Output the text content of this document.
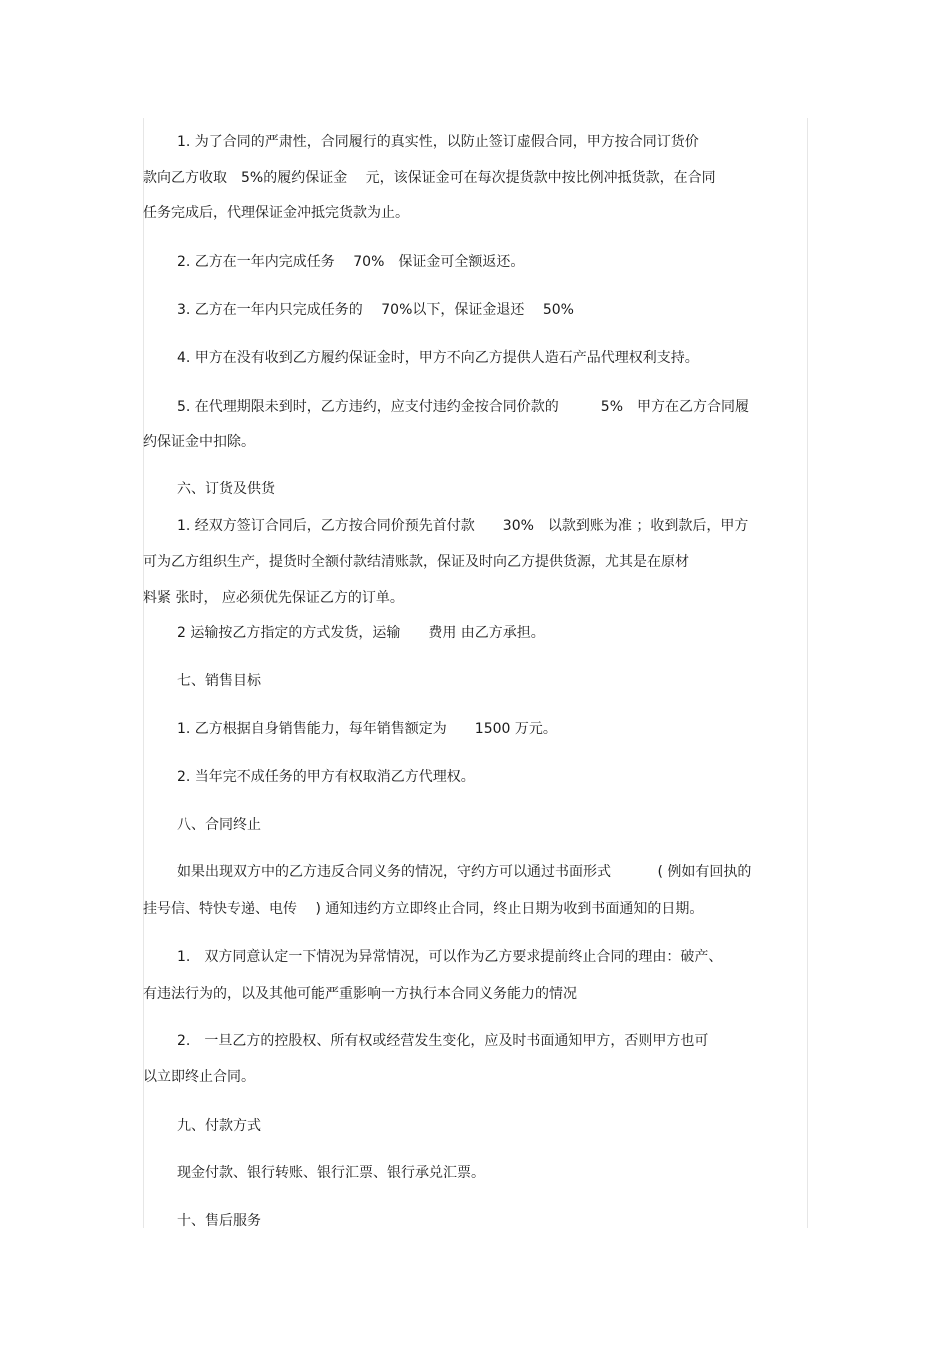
1. 为了合同的严肃性，合同履行的真实性，以防止签订虚假合同，甲方按合同订货价
款向乙方收取　5%的履约保证金　 元，该保证金可在每次提货款中按比例冲抵货款，在合同
任务完成后，代理保证金冲抵完货款为止。
2. 乙方在一年内完成任务　 70%　保证金可全额返还。
3. 乙方在一年内只完成任务的　 70%以下，保证金退还　 50%
4. 甲方在没有收到乙方履约保证金时，甲方不向乙方提供人造石产品代理权利支持。
5. 在代理期限未到时，乙方违约，应支付违约金按合同价款的　　　5%　甲方在乙方合同履
约保证金中扣除。
六、订货及供货
1. 经双方签订合同后，乙方按合同价预先首付款　　30%　以款到账为准 ；收到款后，甲方
可为乙方组织生产，提货时全额付款结清账款，保证及时向乙方提供货源，尤其是在原材
料紧 张时， 应必须优先保证乙方的订单。
2 运输按乙方指定的方式发货，运输　　费用 由乙方承担。
七、销售目标
1. 乙方根据自身销售能力，每年销售额定为　　1500 万元。
2. 当年完不成任务的甲方有权取消乙方代理权。
八、合同终止
如果出现双方中的乙方违反合同义务的情况，守约方可以通过书面形式　　　 ( 例如有回执的
挂号信、特快专递、电传　 ) 通知违约方立即终止合同，终止日期为收到书面通知的日期。
1.　双方同意认定一下情况为异常情况，可以作为乙方要求提前终止合同的理由：破产、
有违法行为的，以及其他可能严重影响一方执行本合同义务能力的情况
2.　一旦乙方的控股权、所有权或经营发生变化，应及时书面通知甲方，否则甲方也可
以立即终止合同。
九、付款方式
现金付款、银行转账、银行汇票、银行承兑汇票。
十、售后服务
